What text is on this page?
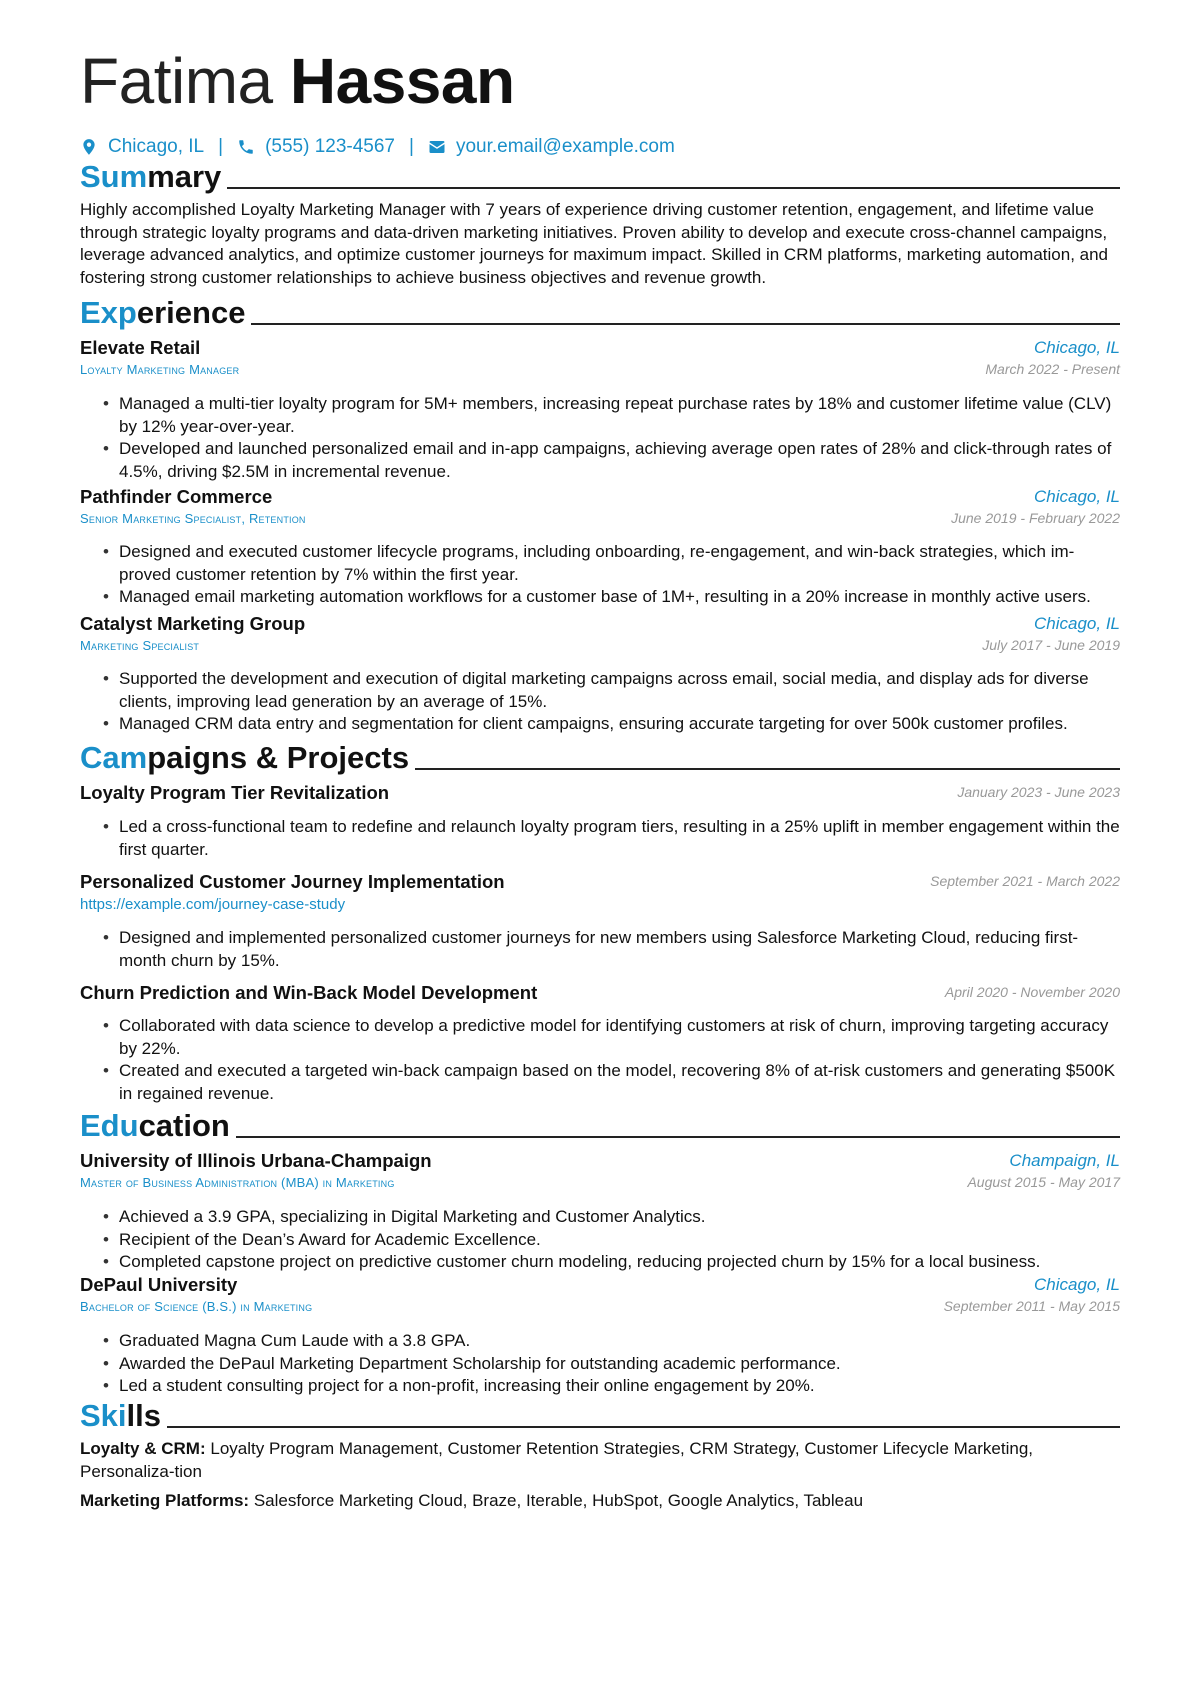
Fatima Hassan
Chicago, IL | (555) 123-4567 | your.email@example.com
Summary
Highly accomplished Loyalty Marketing Manager with 7 years of experience driving customer retention, engagement, and lifetime value through strategic loyalty programs and data-driven marketing initiatives. Proven ability to develop and execute cross-channel campaigns, leverage advanced analytics, and optimize customer journeys for maximum impact. Skilled in CRM platforms, marketing automation, and fostering strong customer relationships to achieve business objectives and revenue growth.
Experience
Elevate Retail	Chicago, IL
Loyalty Marketing Manager	March 2022 - Present
• Managed a multi-tier loyalty program for 5M+ members, increasing repeat purchase rates by 18% and customer lifetime value (CLV) by 12% year-over-year.
• Developed and launched personalized email and in-app campaigns, achieving average open rates of 28% and click-through rates of 4.5%, driving $2.5M in incremental revenue.
Pathfinder Commerce	Chicago, IL
Senior Marketing Specialist, Retention	June 2019 - February 2022
• Designed and executed customer lifecycle programs, including onboarding, re-engagement, and win-back strategies, which im-proved customer retention by 7% within the first year.
• Managed email marketing automation workflows for a customer base of 1M+, resulting in a 20% increase in monthly active users.
Catalyst Marketing Group	Chicago, IL
Marketing Specialist	July 2017 - June 2019
• Supported the development and execution of digital marketing campaigns across email, social media, and display ads for diverse clients, improving lead generation by an average of 15%.
• Managed CRM data entry and segmentation for client campaigns, ensuring accurate targeting for over 500k customer profiles.
Campaigns & Projects
Loyalty Program Tier Revitalization	January 2023 - June 2023
• Led a cross-functional team to redefine and relaunch loyalty program tiers, resulting in a 25% uplift in member engagement within the first quarter.
Personalized Customer Journey Implementation	September 2021 - March 2022
https://example.com/journey-case-study
• Designed and implemented personalized customer journeys for new members using Salesforce Marketing Cloud, reducing first-month churn by 15%.
Churn Prediction and Win-Back Model Development	April 2020 - November 2020
• Collaborated with data science to develop a predictive model for identifying customers at risk of churn, improving targeting accuracy by 22%.
• Created and executed a targeted win-back campaign based on the model, recovering 8% of at-risk customers and generating $500K in regained revenue.
Education
University of Illinois Urbana-Champaign	Champaign, IL
Master of Business Administration (MBA) in Marketing	August 2015 - May 2017
• Achieved a 3.9 GPA, specializing in Digital Marketing and Customer Analytics.
• Recipient of the Dean’s Award for Academic Excellence.
• Completed capstone project on predictive customer churn modeling, reducing projected churn by 15% for a local business.
DePaul University	Chicago, IL
Bachelor of Science (B.S.) in Marketing	September 2011 - May 2015
• Graduated Magna Cum Laude with a 3.8 GPA.
• Awarded the DePaul Marketing Department Scholarship for outstanding academic performance.
• Led a student consulting project for a non-profit, increasing their online engagement by 20%.
Skills
Loyalty & CRM: Loyalty Program Management, Customer Retention Strategies, CRM Strategy, Customer Lifecycle Marketing, Personaliza-tion
Marketing Platforms: Salesforce Marketing Cloud, Braze, Iterable, HubSpot, Google Analytics, Tableau
